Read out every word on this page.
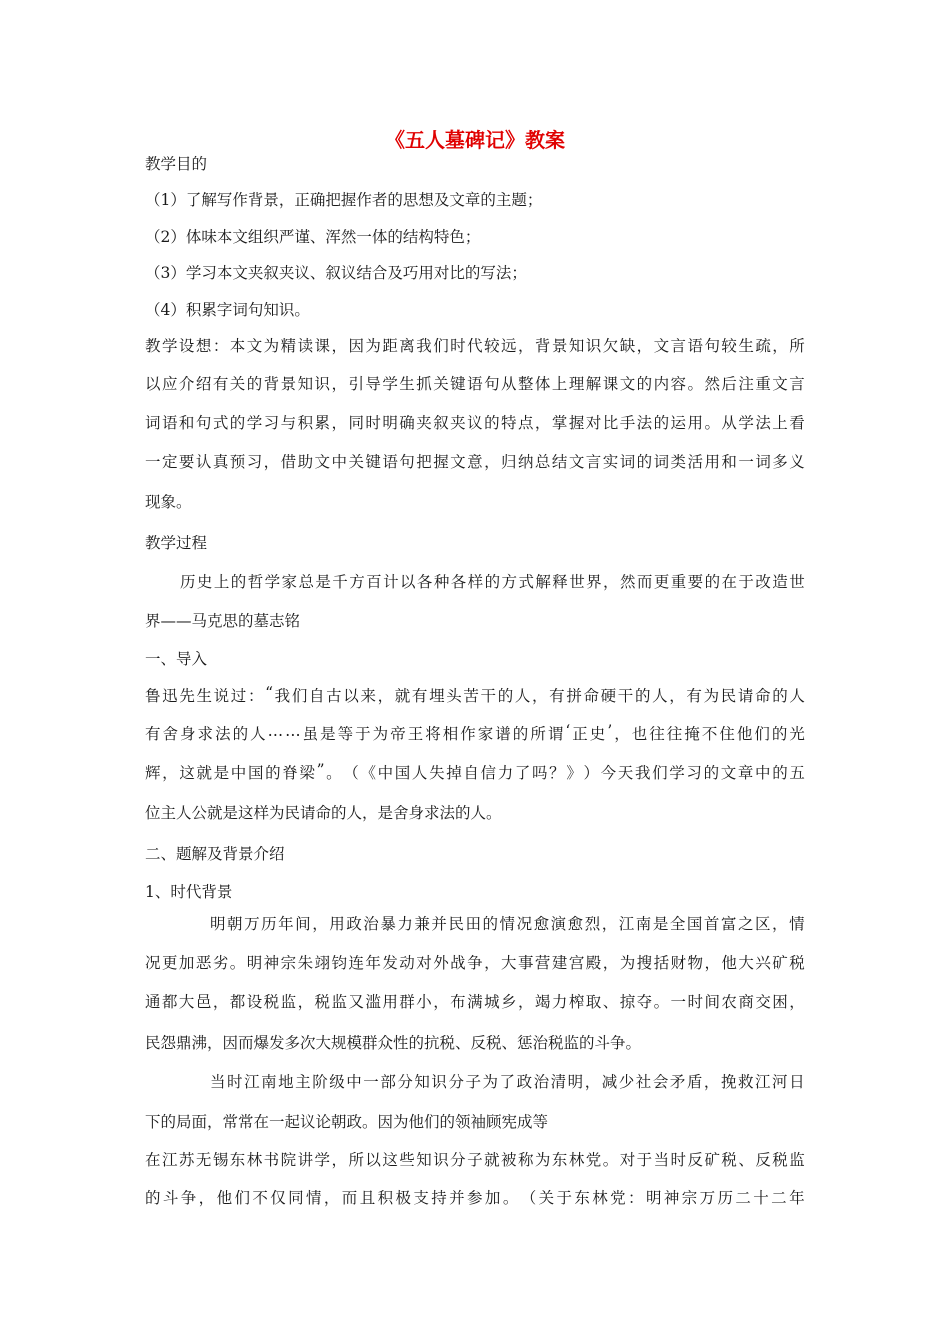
《五人墓碑记》教案
教学目的
（1）了解写作背景，正确把握作者的思想及文章的主题；
（2）体味本文组织严谨、浑然一体的结构特色；
（3）学习本文夹叙夹议、叙议结合及巧用对比的写法；
（4）积累字词句知识。
教 学 设 想 ： 本 文 为 精 读 课 ， 因 为 距 离 我 们 时 代 较 远 ， 背 景 知 识 欠 缺 ， 文 言 语 句 较 生 疏 ， 所
以 应 介 绍 有 关 的 背 景 知 识 ， 引 导 学 生 抓 关 键 语 句 从 整 体 上 理 解 课 文 的 内 容 。 然 后 注 重 文 言
词 语 和 句 式 的 学 习 与 积 累 ， 同 时 明 确 夹 叙 夹 议 的 特 点 ， 掌 握 对 比 手 法 的 运 用 。 从 学 法 上 看
一 定 要 认 真 预 习 ， 借 助 文 中 关 键 语 句 把 握 文 意 ， 归 纳 总 结 文 言 实 词 的 词 类 活 用 和 一 词 多 义
现象。
教学过程
历 史 上 的 哲 学 家 总 是 千 方 百 计 以 各 种 各 样 的 方 式 解 释 世 界 ， 然 而 更 重 要 的 在 于 改 造 世
界——马克思的墓志铭
一、导入
鲁 迅 先 生 说 过 ： “ 我 们 自 古 以 来 ， 就 有 埋 头 苦 干 的 人 ， 有 拼 命 硬 干 的 人 ， 有 为 民 请 命 的 人
有 舍 身 求 法 的 人 … … 虽 是 等 于 为 帝 王 将 相 作 家 谱 的 所 谓 ‘ 正 史 ’ ， 也 往 往 掩 不 住 他 们 的 光
辉 ， 这 就 是 中 国 的 脊 梁 ” 。 （ 《 中 国 人 失 掉 自 信 力 了 吗 ？ 》 ） 今 天 我 们 学 习 的 文 章 中 的 五
位主人公就是这样为民请命的人，是舍身求法的人。
二、题解及背景介绍
1、时代背景
明 朝 万 历 年 间 ， 用 政 治 暴 力 兼 并 民 田 的 情 况 愈 演 愈 烈 ， 江 南 是 全 国 首 富 之 区 ， 情
况 更 加 恶 劣 。 明 神 宗 朱 翊 钧 连 年 发 动 对 外 战 争 ， 大 事 营 建 宫 殿 ， 为 搜 括 财 物 ， 他 大 兴 矿 税
通 都 大 邑 ， 都 设 税 监 ， 税 监 又 滥 用 群 小 ， 布 满 城 乡 ， 竭 力 榨 取 、 掠 夺 。 一 时 间 农 商 交 困 ，
民怨鼎沸，因而爆发多次大规模群众性的抗税、反税、惩治税监的斗争。
当 时 江 南 地 主 阶 级 中 一 部 分 知 识 分 子 为 了 政 治 清 明 ， 减 少 社 会 矛 盾 ， 挽 救 江 河 日
下的局面，常常在一起议论朝政。因为他们的领袖顾宪成等
在 江 苏 无 锡 东 林 书 院 讲 学 ， 所 以 这 些 知 识 分 子 就 被 称 为 东 林 党 。 对 于 当 时 反 矿 税 、 反 税 监
的 斗 争 ， 他 们 不 仅 同 情 ， 而 且 积 极 支 持 并 参 加 。 （ 关 于 东 林 党 ： 明 神 宗 万 历 二 十 二 年
